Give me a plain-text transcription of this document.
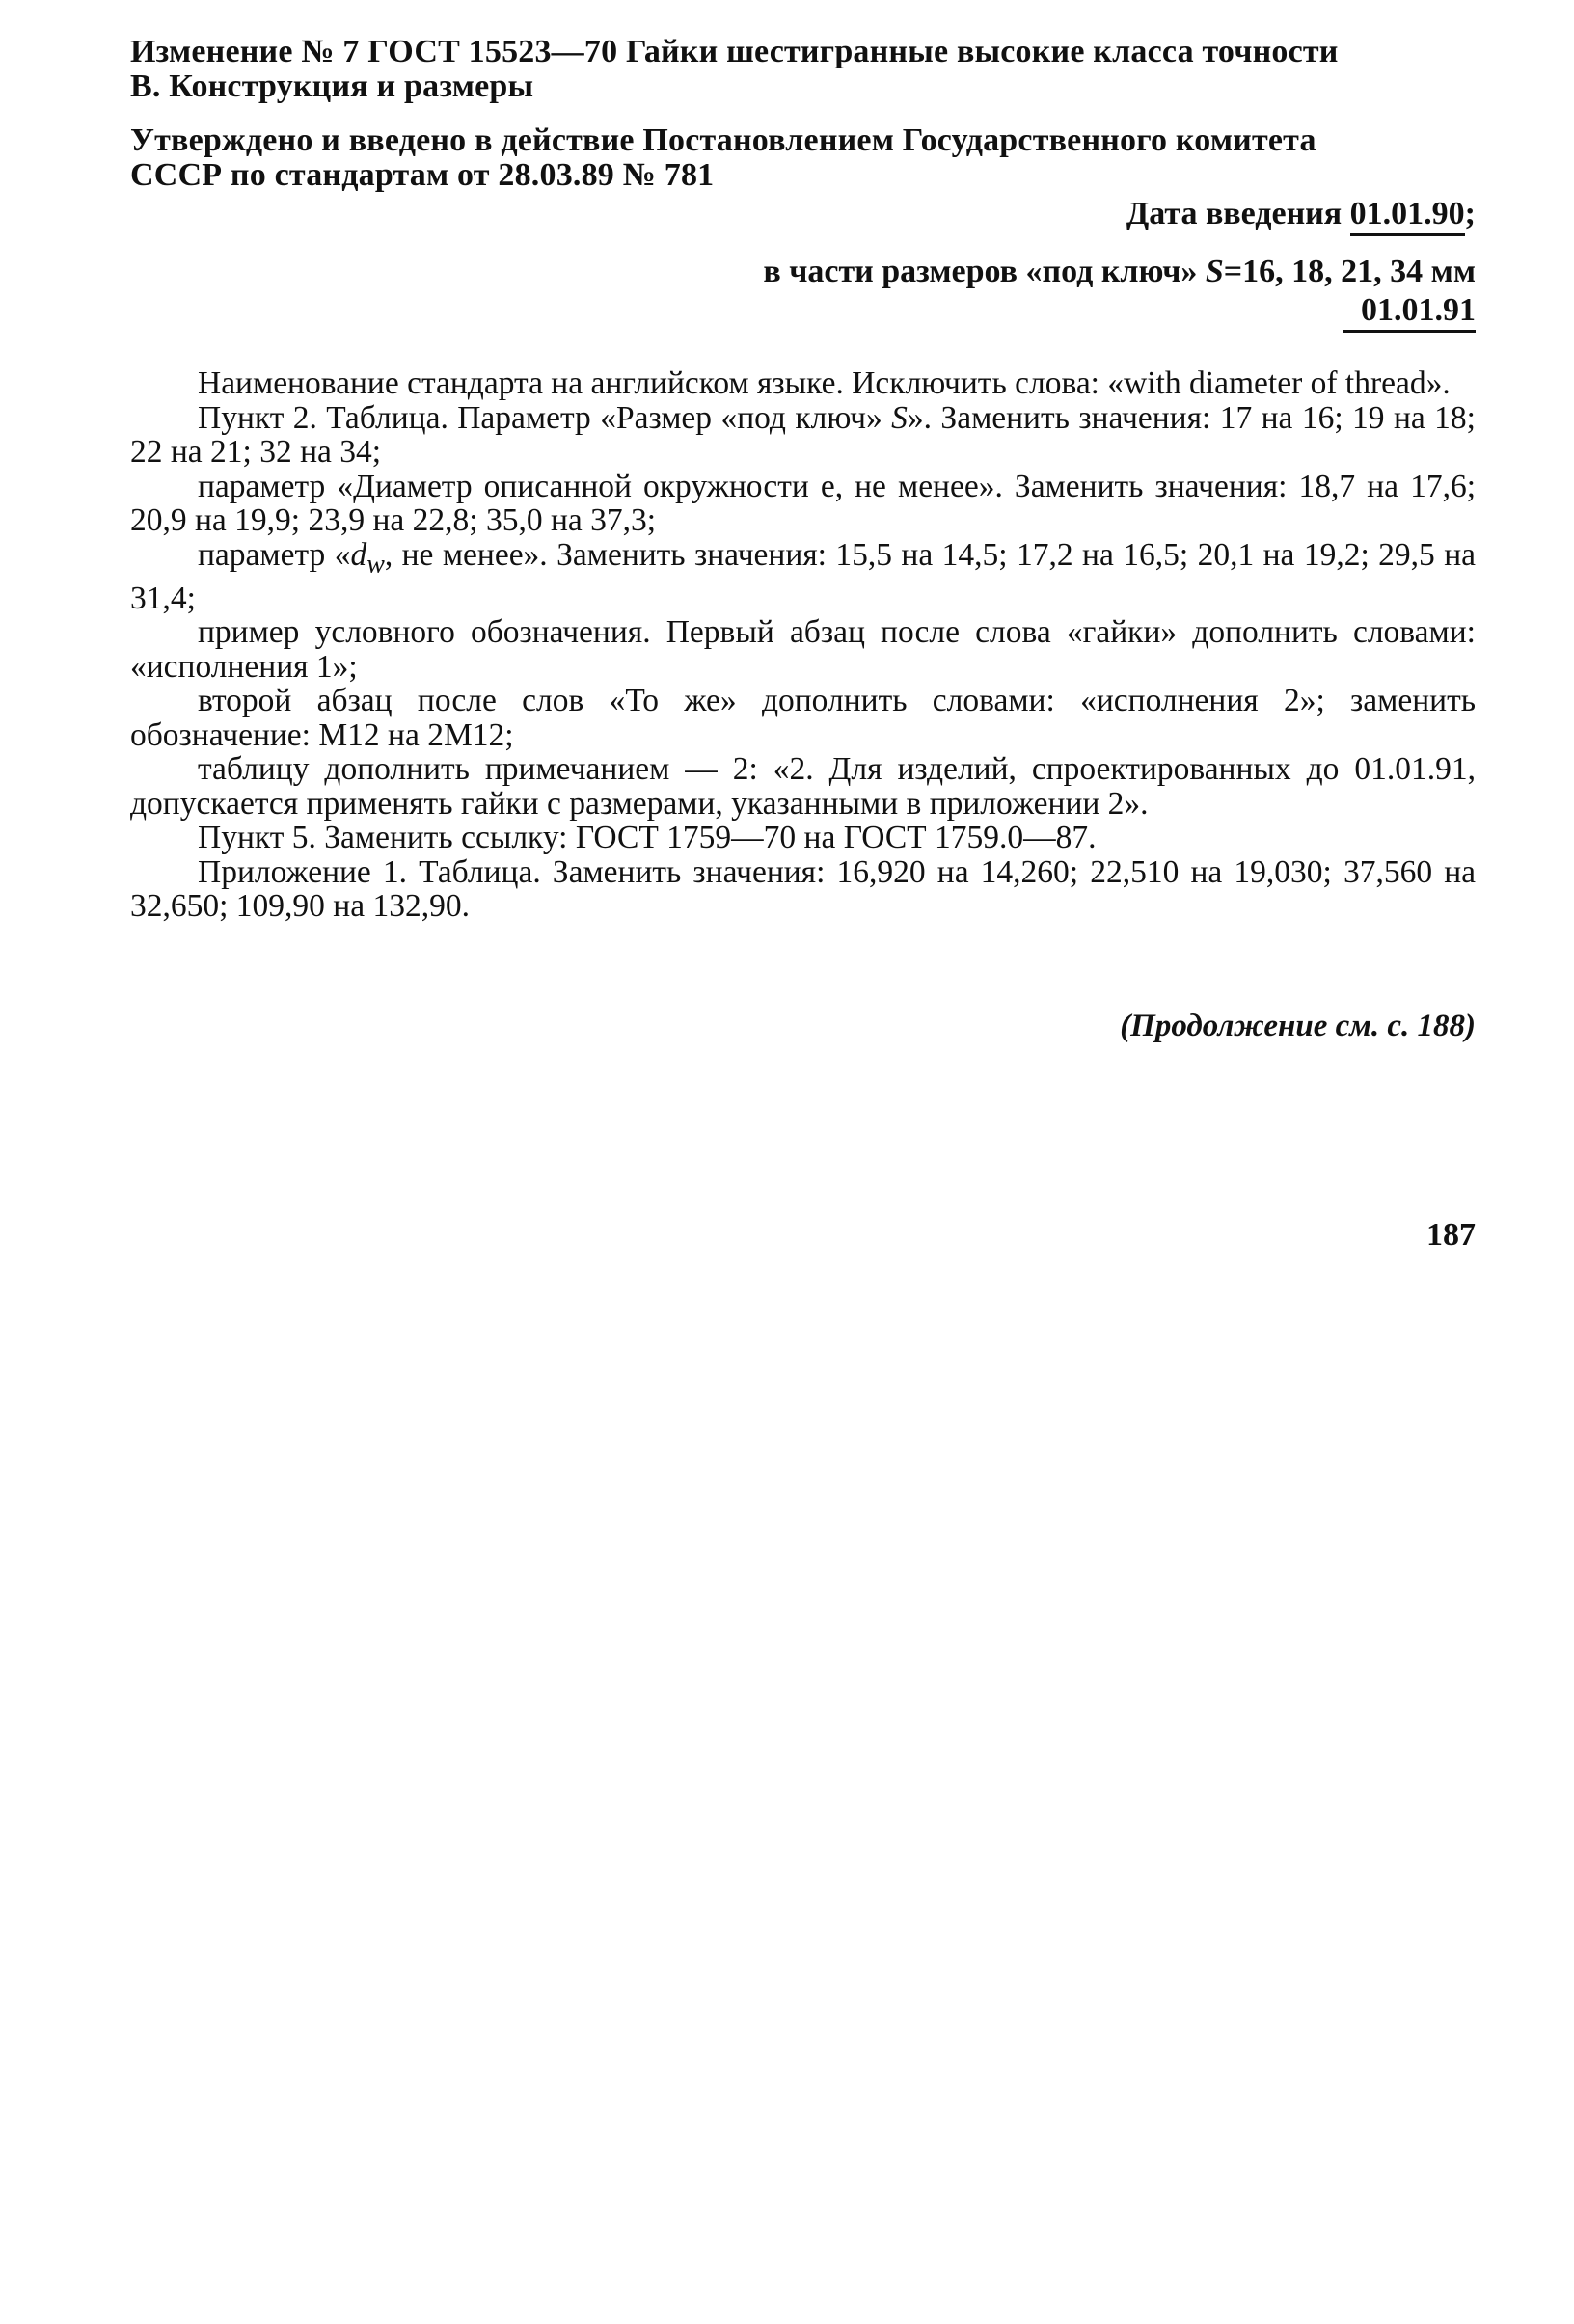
Изменение № 7 ГОСТ 15523—70 Гайки шестигранные высокие класса точности
В. Конструкция и размеры
Утверждено и введено в действие Постановлением Государственного комитета
СССР по стандартам от 28.03.89 № 781
Дата введения 01.01.90;
в части размеров «под ключ» S=16, 18, 21, 34 мм
01.01.91

Наименование стандарта на английском языке. Исключить слова: «with diameter of thread».

Пункт 2. Таблица. Параметр «Размер «под ключ» S». Заменить значения: 17 на 16; 19 на 18; 22 на 21; 32 на 34;

параметр «Диаметр описанной окружности e, не менее». Заменить значения: 18,7 на 17,6; 20,9 на 19,9; 23,9 на 22,8; 35,0 на 37,3;

параметр «$d_w$, не менее». Заменить значения: 15,5 на 14,5; 17,2 на 16,5; 20,1 на 19,2; 29,5 на 31,4;

пример условного обозначения. Первый абзац после слова «гайки» дополнить словами: «исполнения 1»;

второй абзац после слов «То же» дополнить словами: «исполнения 2»; заменить обозначение: М12 на 2М12;

таблицу дополнить примечанием — 2: «2. Для изделий, спроектированных до 01.01.91, допускается применять гайки с размерами, указанными в приложении 2».

Пункт 5. Заменить ссылку: ГОСТ 1759—70 на ГОСТ 1759.0—87.

Приложение 1. Таблица. Заменить значения: 16,920 на 14,260; 22,510 на 19,030; 37,560 на 32,650; 109,90 на 132,90.

(Продолжение см. с. 188)
187
